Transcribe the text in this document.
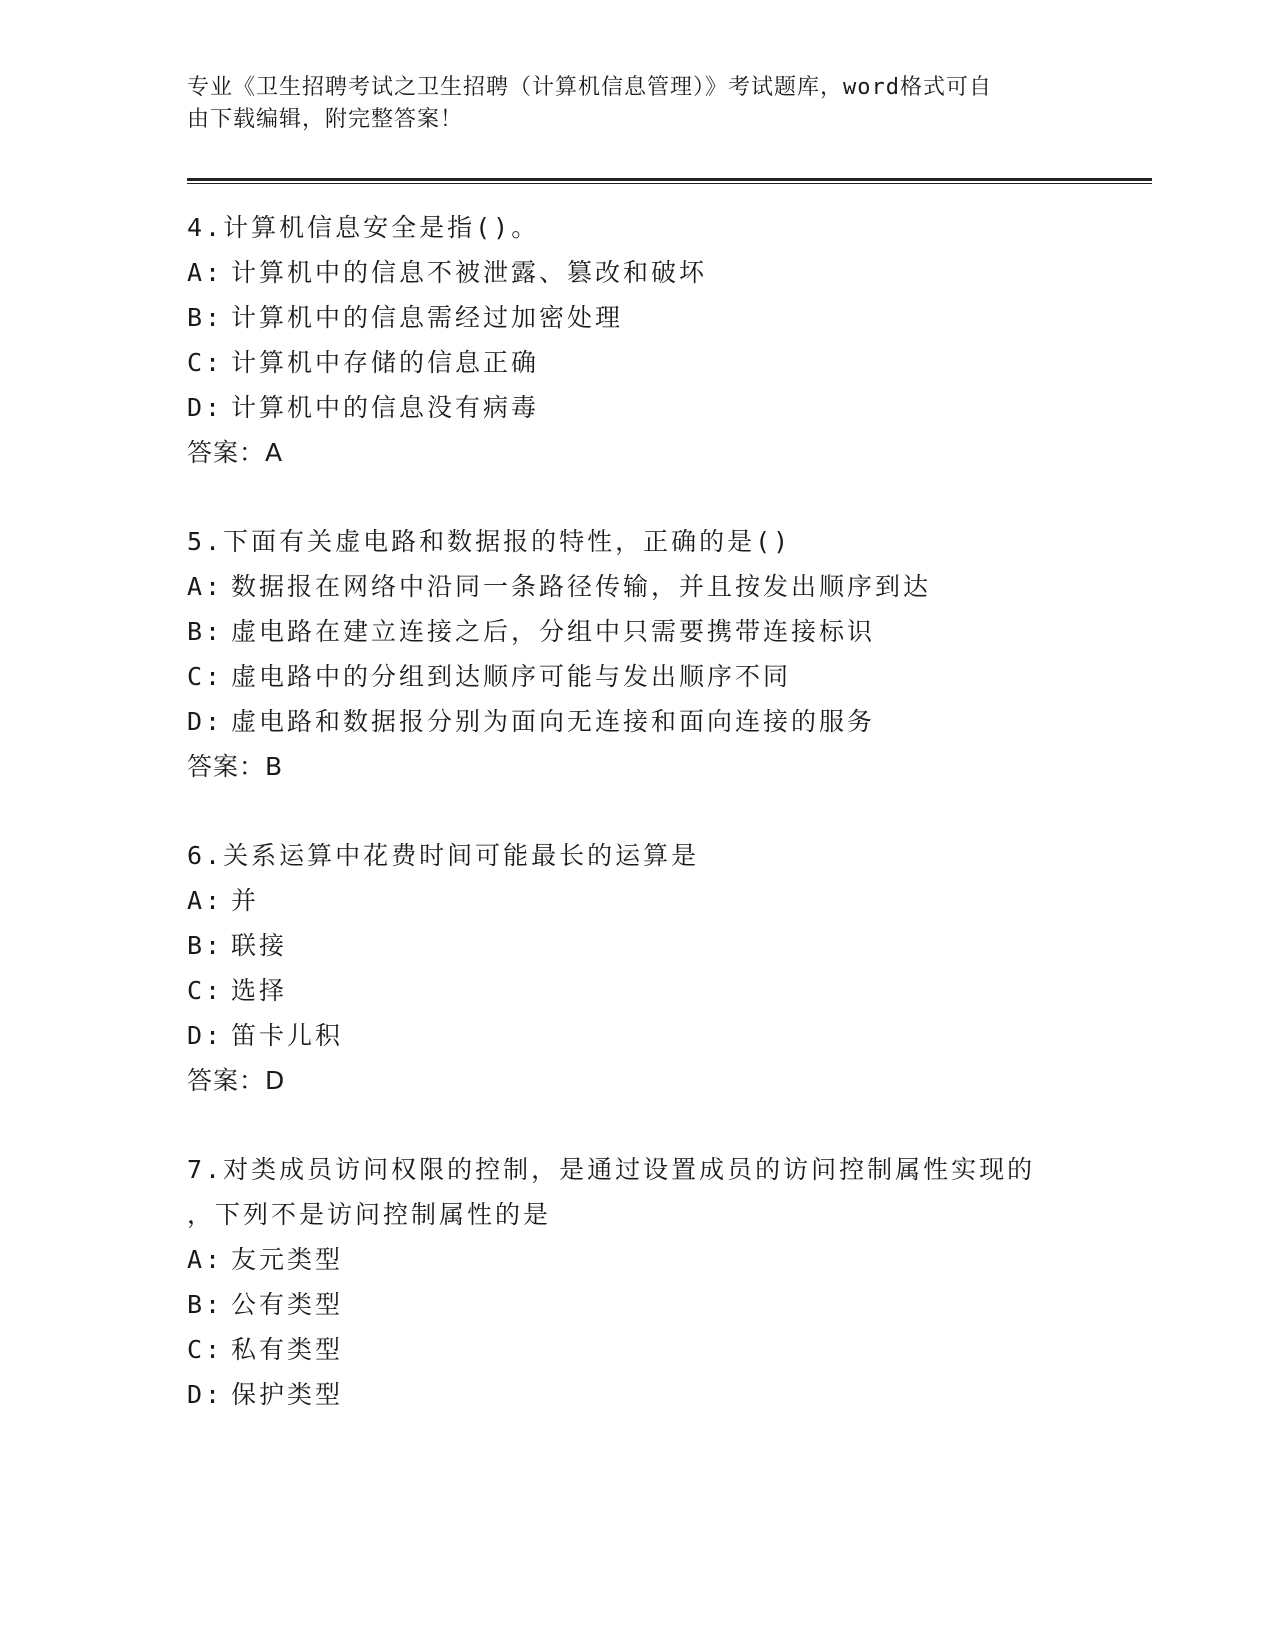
专业《卫生招聘考试之卫生招聘（计算机信息管理）》考试题库，word格式可自
由下载编辑，附完整答案！
4.计算机信息安全是指()。
A: 计算机中的信息不被泄露、篡改和破坏
B: 计算机中的信息需经过加密处理
C: 计算机中存储的信息正确
D: 计算机中的信息没有病毒
答案：A
5.下面有关虚电路和数据报的特性，正确的是()
A: 数据报在网络中沿同一条路径传输，并且按发出顺序到达
B: 虚电路在建立连接之后，分组中只需要携带连接标识
C: 虚电路中的分组到达顺序可能与发出顺序不同
D: 虚电路和数据报分别为面向无连接和面向连接的服务
答案：B
6.关系运算中花费时间可能最长的运算是
A: 并
B: 联接
C: 选择
D: 笛卡儿积
答案：D
7.对类成员访问权限的控制，是通过设置成员的访问控制属性实现的
，下列不是访问控制属性的是
A: 友元类型
B: 公有类型
C: 私有类型
D: 保护类型
